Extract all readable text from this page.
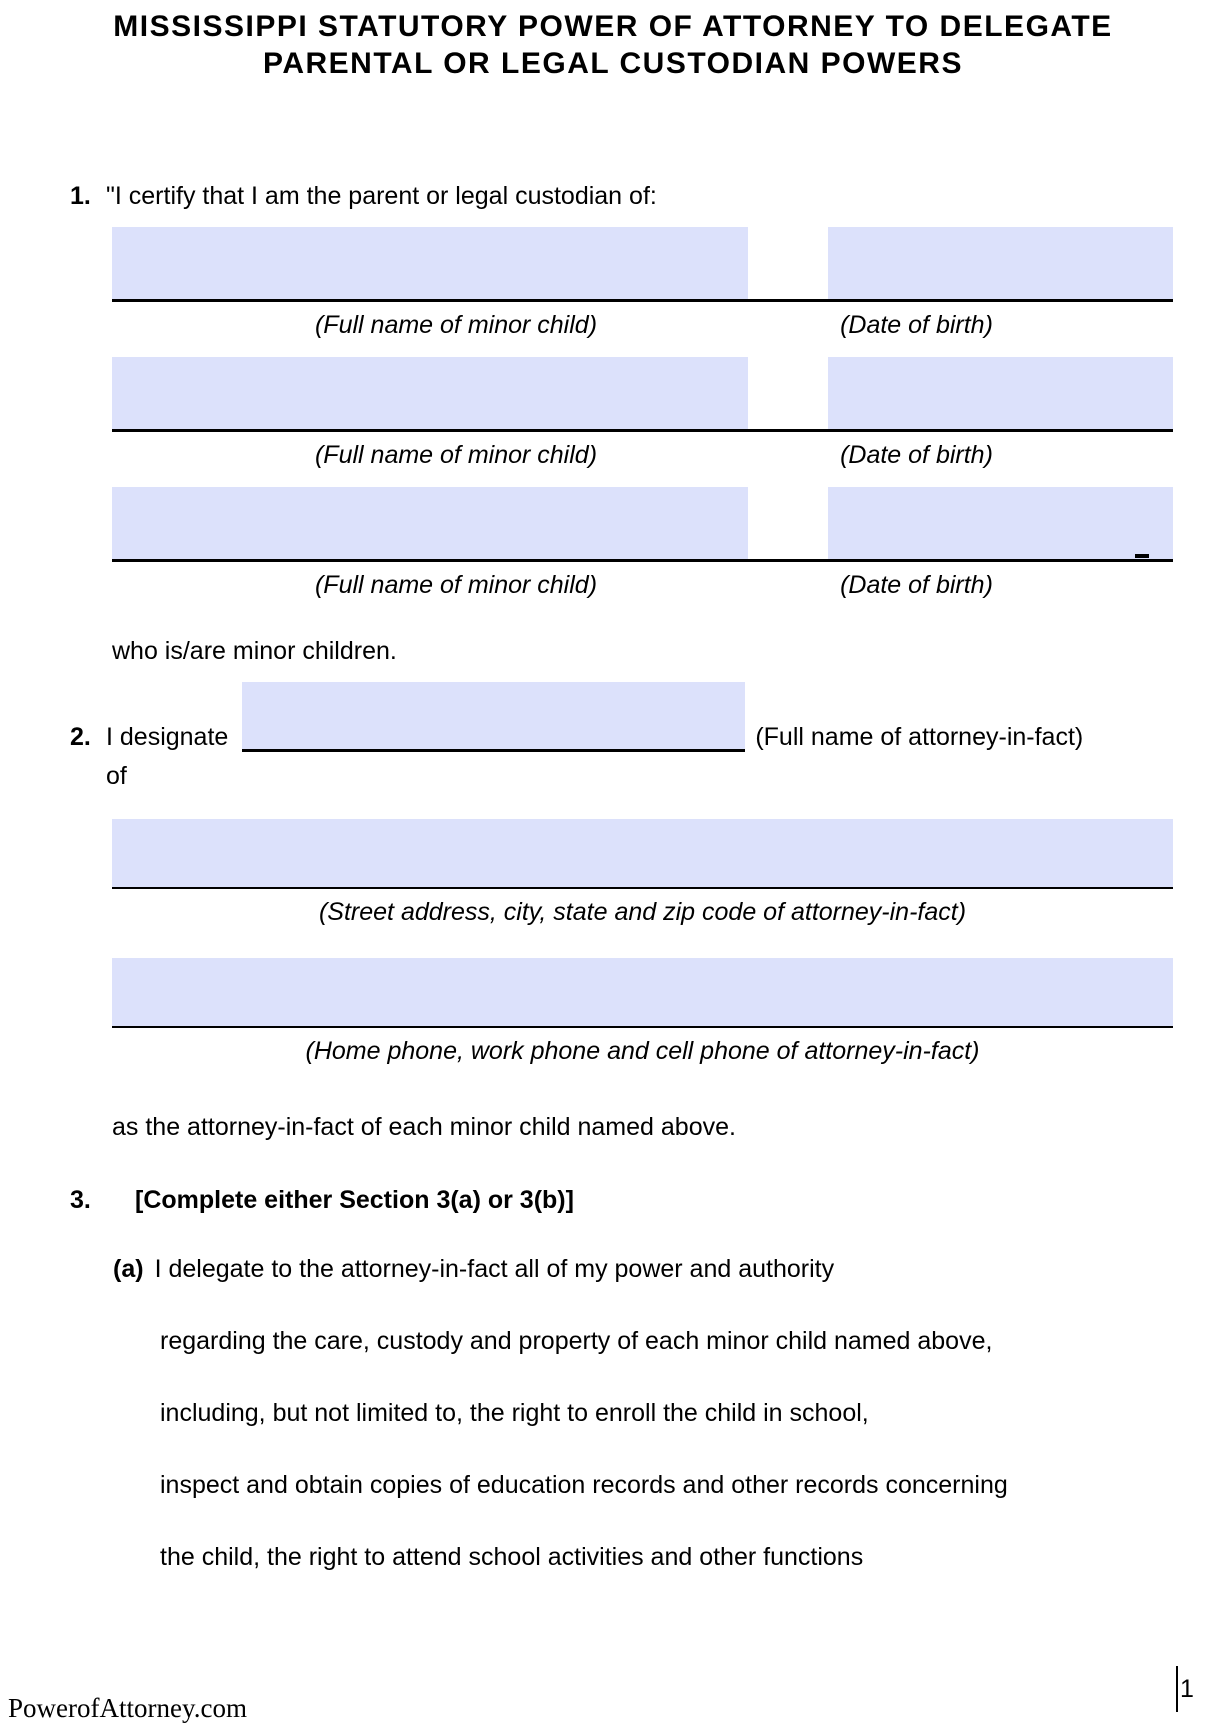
MISSISSIPPI STATUTORY POWER OF ATTORNEY TO DELEGATE
PARENTAL OR LEGAL CUSTODIAN POWERS
1. "I certify that I am the parent or legal custodian of:
(Full name of minor child)	(Date of birth)
(Full name of minor child)	(Date of birth)
(Full name of minor child)	(Date of birth)
who is/are minor children.
2. I designate	(Full name of attorney-in-fact)
of
(Street address, city, state and zip code of attorney-in-fact)
(Home phone, work phone and cell phone of attorney-in-fact)
as the attorney-in-fact of each minor child named above.
3.	[Complete either Section 3(a) or 3(b)]
(a) I delegate to the attorney-in-fact all of my power and authority
regarding the care, custody and property of each minor child named above,
including, but not limited to, the right to enroll the child in school,
inspect and obtain copies of education records and other records concerning
the child, the right to attend school activities and other functions
PowerofAttorney.com
1
